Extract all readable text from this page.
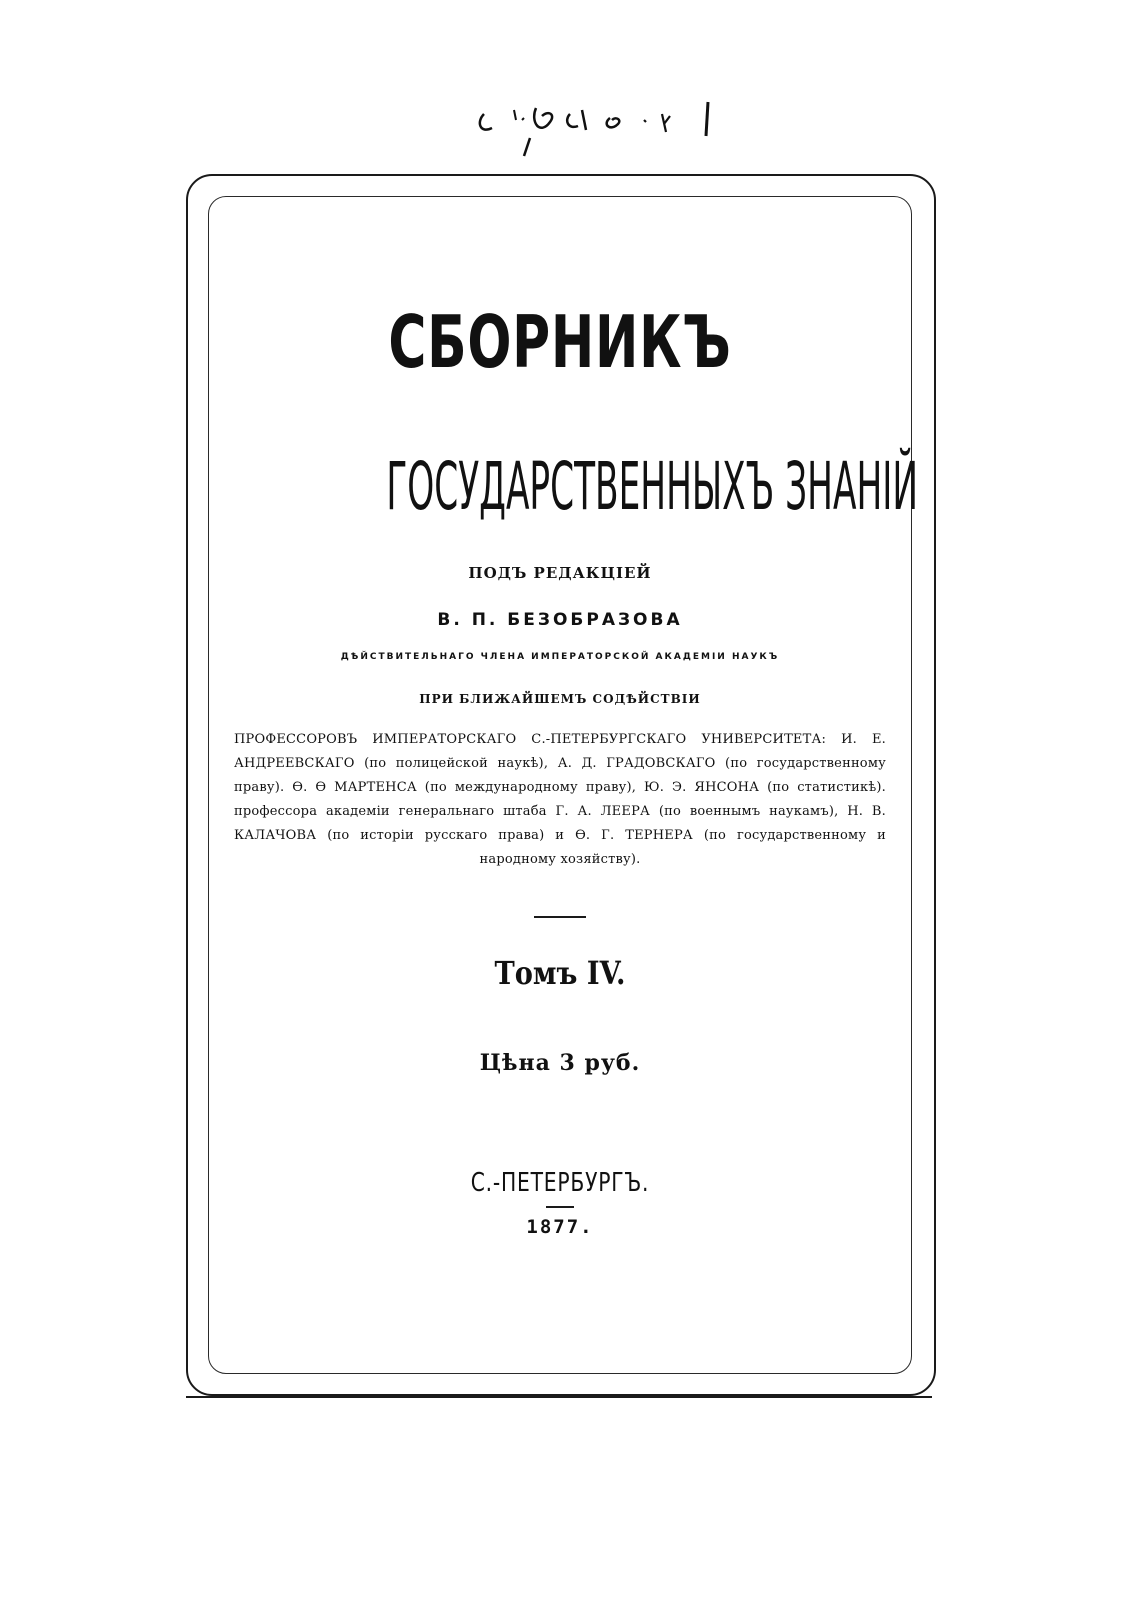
СБОРНИКЪ
ГОСУДАРСТВЕННЫХЪ ЗНАНІЙ
ПОДЪ РЕДАКЦІЕЙ
В. П. БЕЗОБРАЗОВА
ДѢЙСТВИТЕЛЬНАГО ЧЛЕНА ИМПЕРАТОРСКОЙ АКАДЕМІИ НАУКЪ
ПРИ БЛИЖАЙШЕМЪ СОДѢЙСТВІИ
ПРОФЕССОРОВЪ ИМПЕРАТОРСКАГО С.-ПЕТЕРБУРГСКАГО УНИВЕРСИТЕТА: И. Е. АНДРЕЕВСКАГО (по полицейской наукѣ), А. Д. ГРАДОВСКАГО (по государственному праву). Ѳ. Ѳ МАРТЕНСА (по международному праву), Ю. Э. ЯНСОНА (по статистикѣ). профессора академіи генеральнаго штаба Г. А. ЛЕЕРА (по военнымъ наукамъ), Н. В. КАЛАЧОВА (по исторіи русскаго права) и Ѳ. Г. ТЕРНЕРА (по государственному и народному хозяйству).
Томъ IV.
Цѣна 3 руб.
С.-ПЕТЕРБУРГЪ.
1877.
